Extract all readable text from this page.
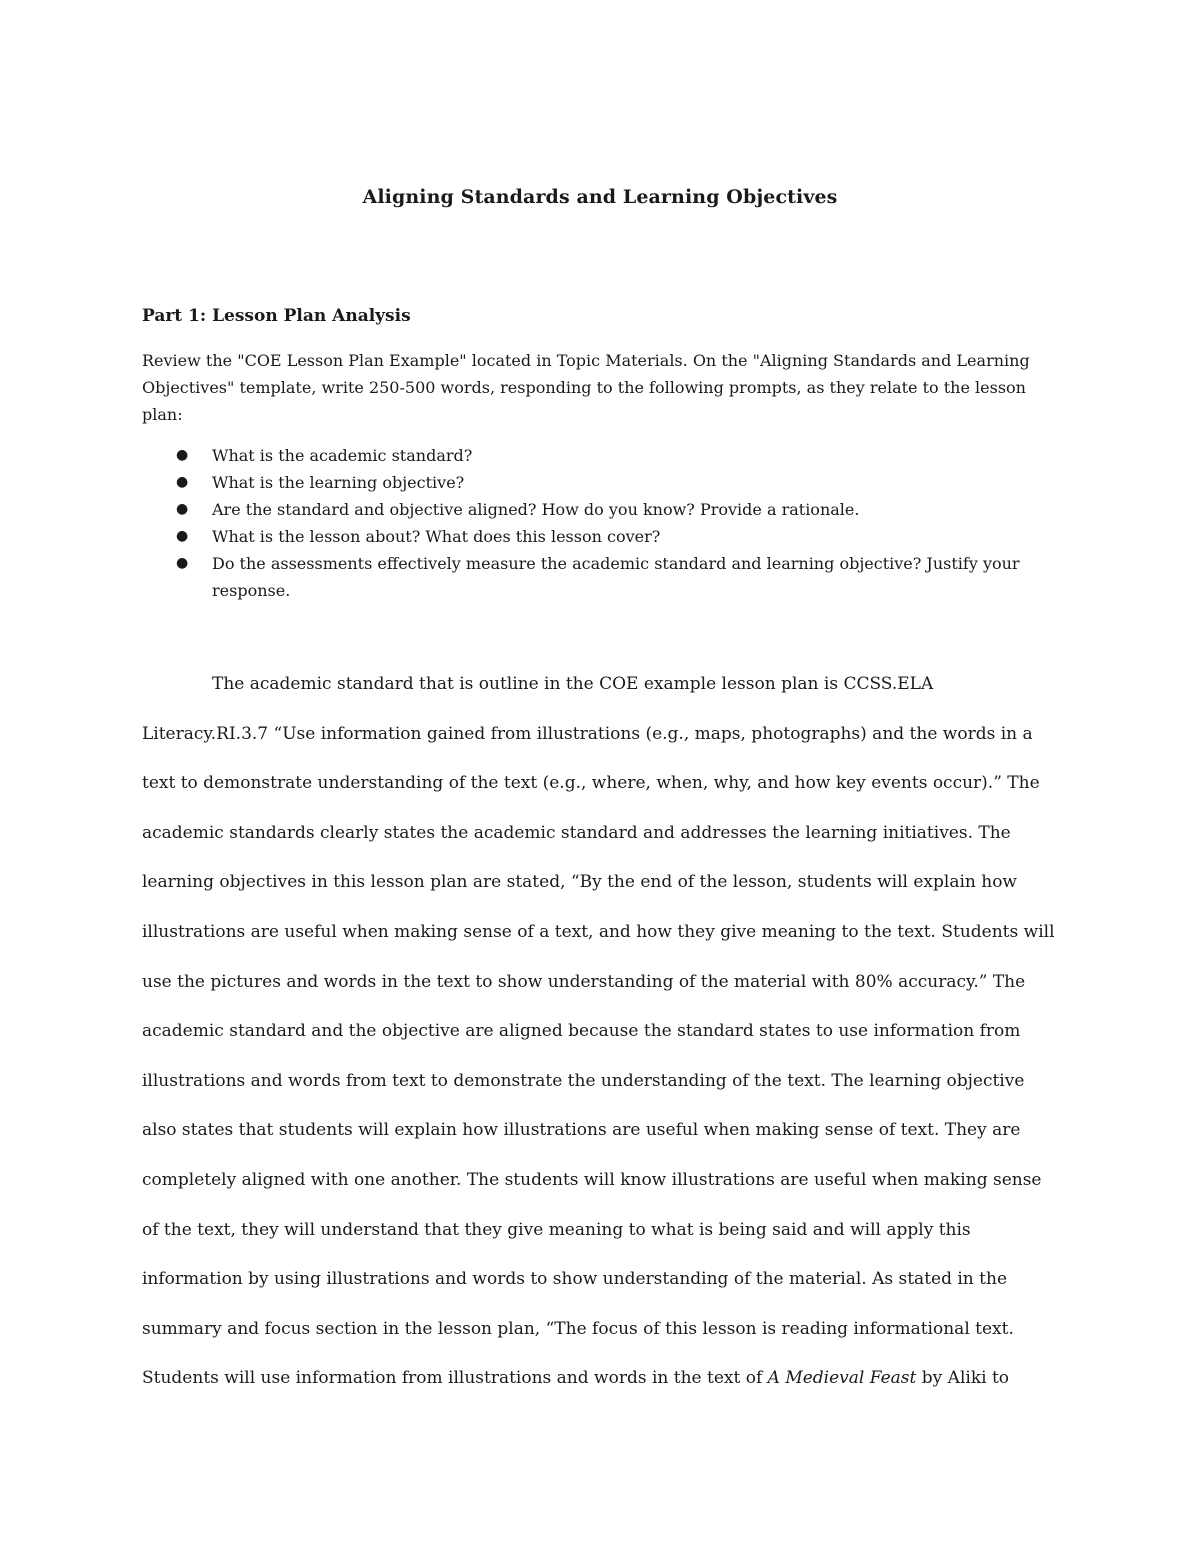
Aligning Standards and Learning Objectives
Part 1: Lesson Plan Analysis

Review the "COE Lesson Plan Example" located in Topic Materials. On the "Aligning Standards and Learning Objectives" template, write 250-500 words, responding to the following prompts, as they relate to the lesson plan:

● What is the academic standard?
● What is the learning objective?
● Are the standard and objective aligned? How do you know? Provide a rationale.
● What is the lesson about? What does this lesson cover?
● Do the assessments effectively measure the academic standard and learning objective? Justify your response.

The academic standard that is outline in the COE example lesson plan is CCSS.ELA Literacy.RI.3.7 “Use information gained from illustrations (e.g., maps, photographs) and the words in a text to demonstrate understanding of the text (e.g., where, when, why, and how key events occur).” The academic standards clearly states the academic standard and addresses the learning initiatives. The learning objectives in this lesson plan are stated, “By the end of the lesson, students will explain how illustrations are useful when making sense of a text, and how they give meaning to the text. Students will use the pictures and words in the text to show understanding of the material with 80% accuracy.” The academic standard and the objective are aligned because the standard states to use information from illustrations and words from text to demonstrate the understanding of the text. The learning objective also states that students will explain how illustrations are useful when making sense of text. They are completely aligned with one another. The students will know illustrations are useful when making sense of the text, they will understand that they give meaning to what is being said and will apply this information by using illustrations and words to show understanding of the material. As stated in the summary and focus section in the lesson plan, “The focus of this lesson is reading informational text. Students will use information from illustrations and words in the text of A Medieval Feast by Aliki to
